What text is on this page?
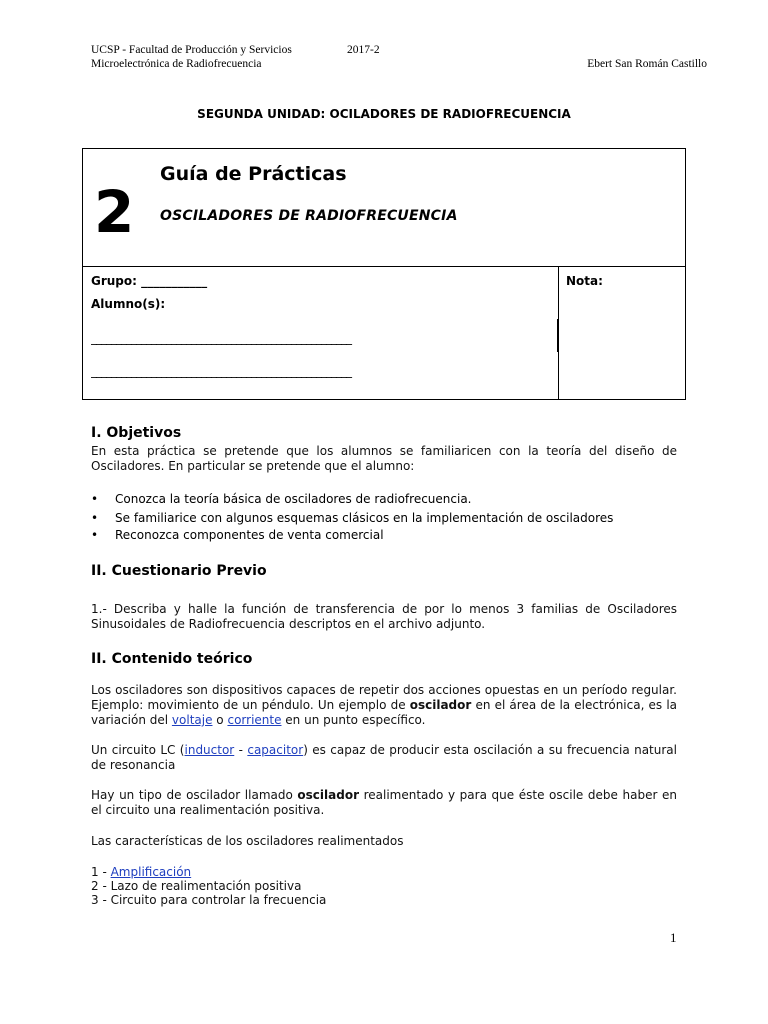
UCSP - Facultad de Producción y Servicios	2017-2
Microelectrónica de Radiofrecuencia	Ebert San Román Castillo
SEGUNDA UNIDAD: OCILADORES DE RADIOFRECUENCIA
2
Guía de Prácticas
OSCILADORES DE RADIOFRECUENCIA
Grupo: ___________
Alumno(s):
____________________________________________________
____________________________________________________
Nota:
I. Objetivos
En esta práctica se pretende que los alumnos se familiaricen con la teoría del diseño de Osciladores. En particular se pretende que el alumno:
• Conozca la teoría básica de osciladores de radiofrecuencia.
• Se familiarice con algunos esquemas clásicos en la implementación de osciladores
• Reconozca componentes de venta comercial
II. Cuestionario Previo
1.- Describa y halle la función de transferencia de por lo menos 3 familias de Osciladores Sinusoidales de Radiofrecuencia descriptos en el archivo adjunto.
II. Contenido teórico
Los osciladores son dispositivos capaces de repetir dos acciones opuestas en un período regular. Ejemplo: movimiento de un péndulo. Un ejemplo de oscilador en el área de la electrónica, es la variación del voltaje o corriente en un punto específico.
Un circuito LC (inductor - capacitor) es capaz de producir esta oscilación a su frecuencia natural de resonancia
Hay un tipo de oscilador llamado oscilador realimentado y para que éste oscile debe haber en el circuito una realimentación positiva.
Las características de los osciladores realimentados
1 - Amplificación
2 - Lazo de realimentación positiva
3 - Circuito para controlar la frecuencia
1
